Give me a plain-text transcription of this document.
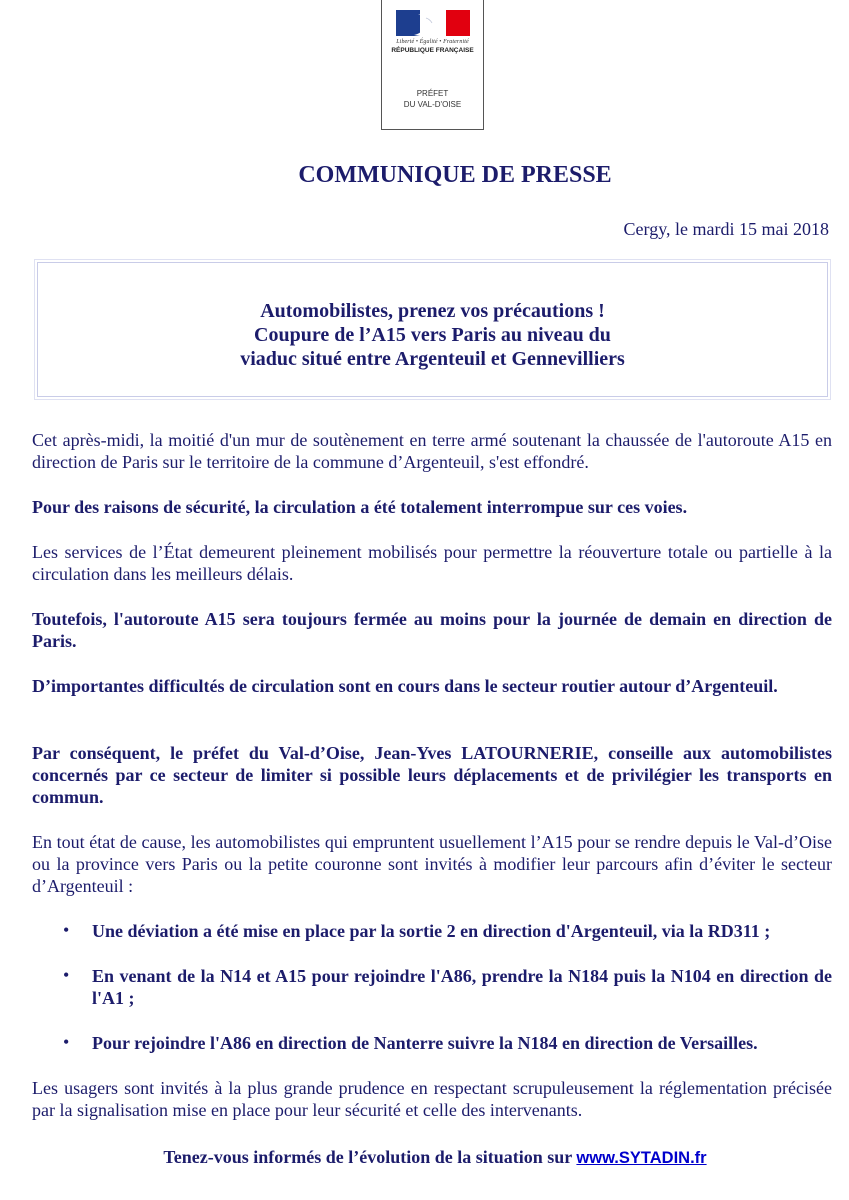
Liberté • Égalité • Fraternité
RÉPUBLIQUE FRANÇAISE
PRÉFET
DU VAL-D'OISE
COMMUNIQUE DE PRESSE
Cergy, le mardi 15 mai 2018
Automobilistes, prenez vos précautions !
Coupure de l’A15 vers Paris au niveau du
viaduc situé entre Argenteuil et Gennevilliers

Cet après-midi, la moitié d'un mur de soutènement en terre armé soutenant la chaussée de l'autoroute A15 en direction de Paris sur le territoire de la commune d’Argenteuil, s'est effondré.

Pour des raisons de sécurité, la circulation a été totalement interrompue sur ces voies.

Les services de l’État demeurent pleinement mobilisés pour permettre la réouverture totale ou partielle à la circulation dans les meilleurs délais.

Toutefois, l'autoroute A15 sera toujours fermée au moins pour la journée de demain en direction de Paris.

D’importantes difficultés de circulation sont en cours dans le secteur routier autour d’Argenteuil.

Par conséquent, le préfet du Val-d’Oise, Jean-Yves LATOURNERIE, conseille aux automobilistes concernés par ce secteur de limiter si possible leurs déplacements et de privilégier les transports en commun.

En tout état de cause, les automobilistes qui empruntent usuellement l’A15 pour se rendre depuis le Val-d’Oise ou la province vers Paris ou la petite couronne sont invités à modifier leur parcours afin d’éviter le secteur d’Argenteuil :

• Une déviation a été mise en place par la sortie 2 en direction d'Argenteuil, via la RD311 ;
• En venant de la N14 et A15 pour rejoindre l'A86, prendre la N184 puis la N104 en direction de l'A1 ;
• Pour rejoindre l'A86 en direction de Nanterre suivre la N184 en direction de Versailles.

Les usagers sont invités à la plus grande prudence en respectant scrupuleusement la réglementation précisée par la signalisation mise en place pour leur sécurité et celle des intervenants.

Tenez-vous informés de l’évolution de la situation sur www.SYTADIN.fr
